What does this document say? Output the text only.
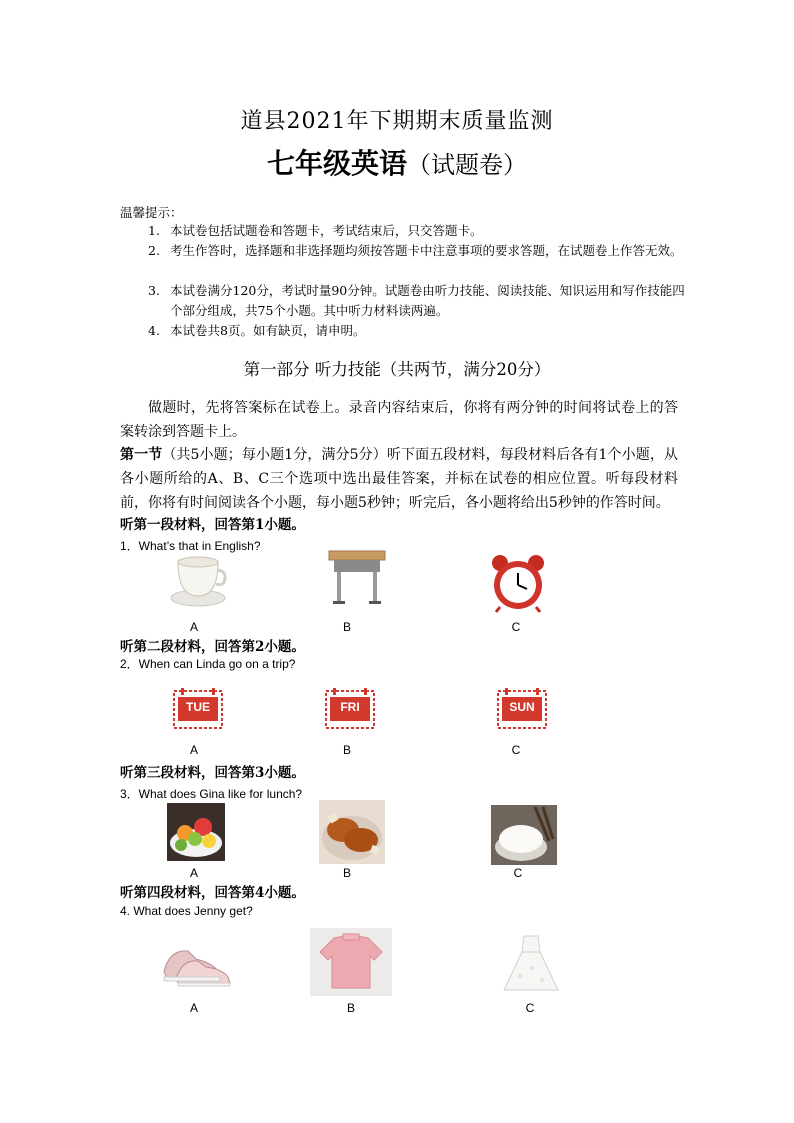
道县2021年下期期末质量监测
七年级英语（试题卷）
温馨提示：
1. 本试卷包括试题卷和答题卡，考试结束后，只交答题卡。
2. 考生作答时，选择题和非选择题均须按答题卡中注意事项的要求答题，在试题卷上作答无效。
3. 本试卷满分120分，考试时量90分钟。试题卷由听力技能、阅读技能、知识运用和写作技能四个部分组成，共75个小题。其中听力材料读两遍。
4. 本试卷共8页。如有缺页，请申明。
第一部分 听力技能（共两节，满分20分）
做题时，先将答案标在试卷上。录音内容结束后，你将有两分钟的时间将试卷上的答案转涂到答题卡上。
第一节（共5小题；每小题1分，满分5分）听下面五段材料，每段材料后各有1个小题，从各小题所给的A、B、C三个选项中选出最佳答案，并标在试卷的相应位置。听每段材料前，你将有时间阅读各个小题，每小题5秒钟；听完后，各小题将给出5秒钟的作答时间。
听第一段材料，回答第1小题。
1．What’s that in English?
A	B	C
听第二段材料，回答第2小题。
2．When can Linda go on a trip?
TUE	FRI	SUN
A	B	C
听第三段材料，回答第3小题。
3．What does Gina like for lunch?
A	B	C
听第四段材料，回答第4小题。
4. What does Jenny get?
A	B	C
